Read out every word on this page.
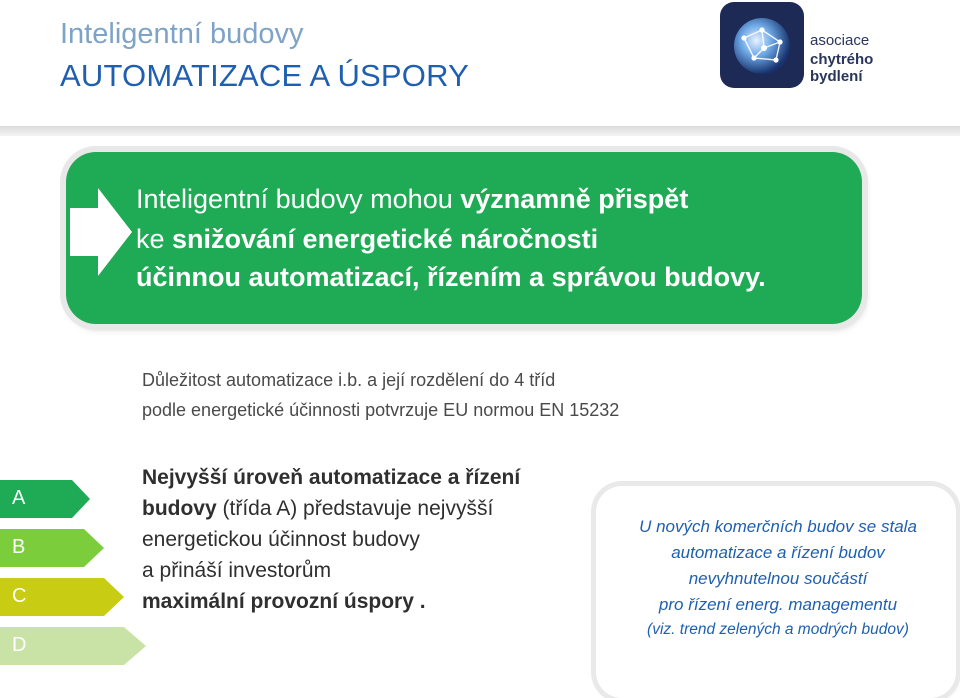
Inteligentní budovy
AUTOMATIZACE A ÚSPORY
asociace
chytrého bydlení
Inteligentní budovy mohou významně přispět
ke snižování energetické náročnosti
účinnou automatizací, řízením a správou budovy.
Důležitost automatizace i.b. a její rozdělení do 4 tříd
podle energetické účinnosti potvrzuje EU normou EN 15232
A
B
C
D
Nejvyšší úroveň automatizace a řízení
budovy (třída A) představuje nejvyšší
energetickou účinnost budovy
a přináší investorům
maximální provozní úspory .
U nových komerčních budov se stala
automatizace a řízení budov
nevyhnutelnou součástí
pro řízení energ. managementu
(viz. trend zelených a modrých budov)
